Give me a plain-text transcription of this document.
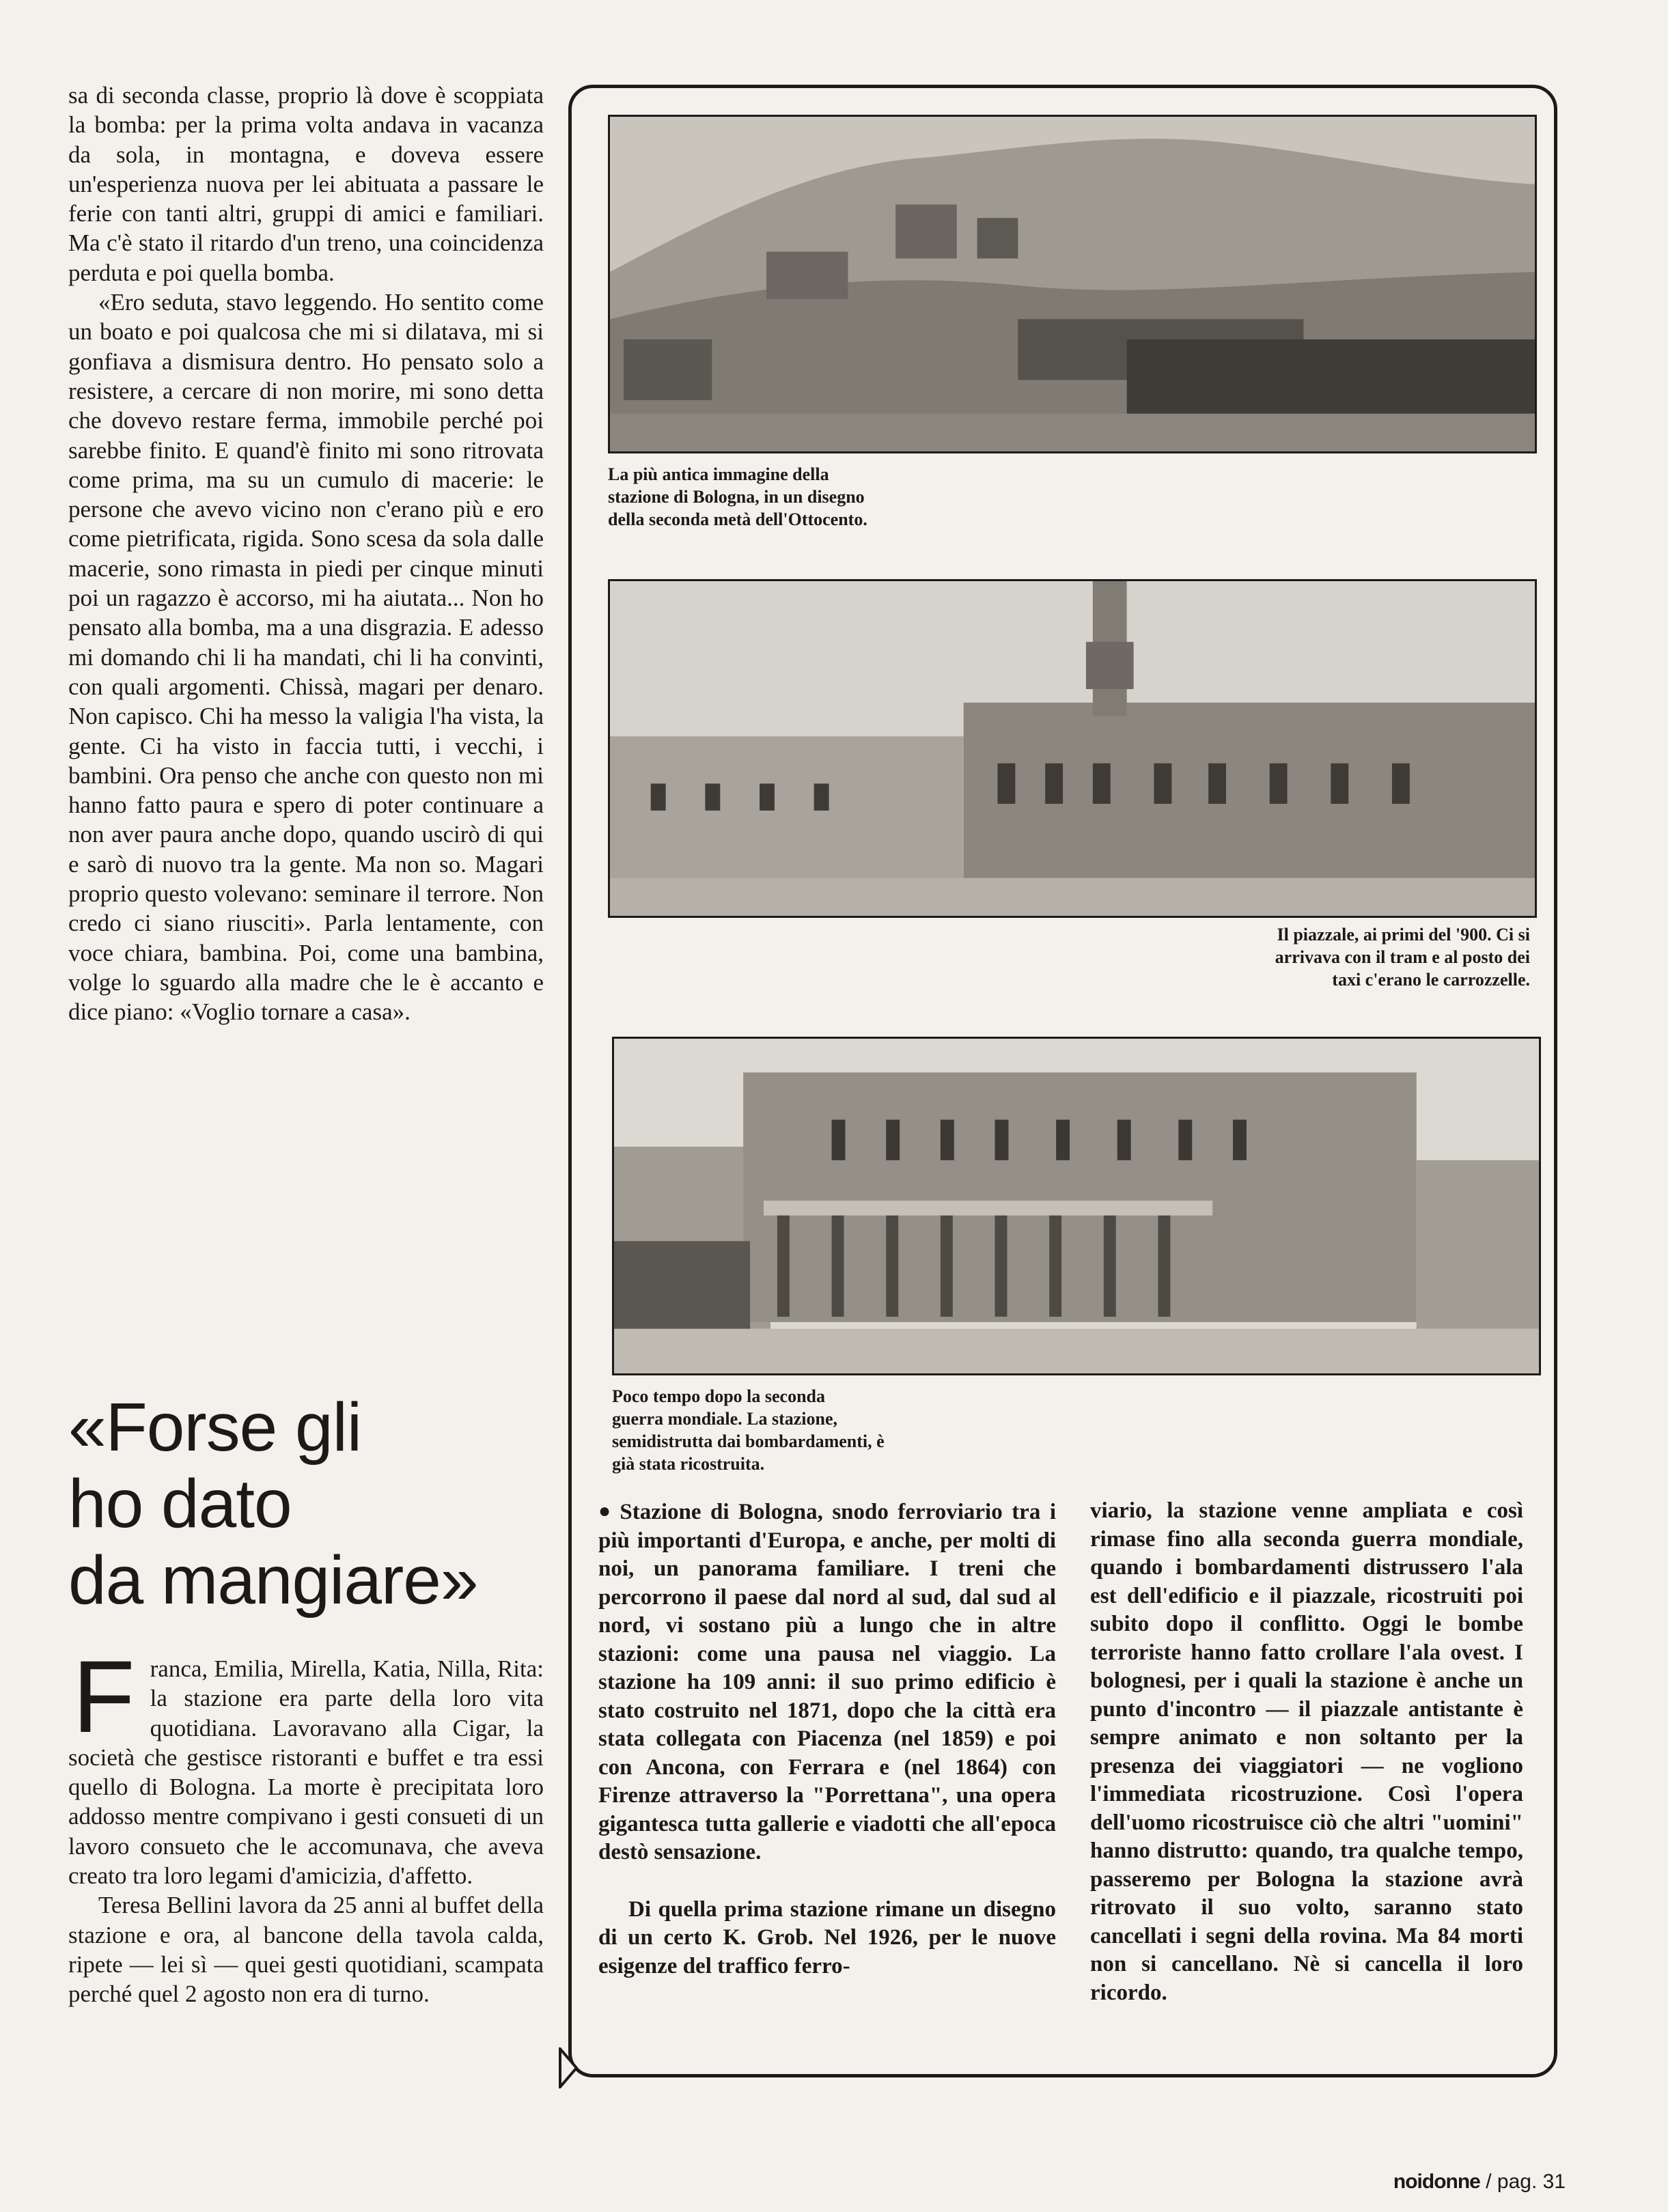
sa di seconda classe, proprio là dove è scoppiata la bomba: per la prima volta andava in vacanza da sola, in montagna, e doveva essere un'esperienza nuova per lei abituata a passare le ferie con tanti altri, gruppi di amici e familiari. Ma c'è stato il ritardo d'un treno, una coincidenza perduta e poi quella bomba.

«Ero seduta, stavo leggendo. Ho sentito come un boato e poi qualcosa che mi si dilatava, mi si gonfiava a dismisura dentro. Ho pensato solo a resistere, a cercare di non morire, mi sono detta che dovevo restare ferma, immobile perché poi sarebbe finito. E quand'è finito mi sono ritrovata come prima, ma su un cumulo di macerie: le persone che avevo vicino non c'erano più e ero come pietrificata, rigida. Sono scesa da sola dalle macerie, sono rimasta in piedi per cinque minuti poi un ragazzo è accorso, mi ha aiutata... Non ho pensato alla bomba, ma a una disgrazia. E adesso mi domando chi li ha mandati, chi li ha convinti, con quali argomenti. Chissà, magari per denaro. Non capisco. Chi ha messo la valigia l'ha vista, la gente. Ci ha visto in faccia tutti, i vecchi, i bambini. Ora penso che anche con questo non mi hanno fatto paura e spero di poter continuare a non aver paura anche dopo, quando uscirò di qui e sarò di nuovo tra la gente. Ma non so. Magari proprio questo volevano: seminare il terrore. Non credo ci siano riusciti». Parla lentamente, con voce chiara, bambina. Poi, come una bambina, volge lo sguardo alla madre che le è accanto e dice piano: «Voglio tornare a casa».

«Forse gli
ho dato
da mangiare»

Franca, Emilia, Mirella, Katia, Nilla, Rita: la stazione era parte della loro vita quotidiana. Lavoravano alla Cigar, la società che gestisce ristoranti e buffet e tra essi quello di Bologna. La morte è precipitata loro addosso mentre compivano i gesti consueti di un lavoro consueto che le accomunava, che aveva creato tra loro legami d'amicizia, d'affetto.

Teresa Bellini lavora da 25 anni al buffet della stazione e ora, al bancone della tavola calda, ripete — lei sì — quei gesti quotidiani, scampata perché quel 2 agosto non era di turno.

La più antica immagine della

stazione di Bologna, in un disegno

della seconda metà dell'Ottocento.

Il piazzale, ai primi del '900. Ci si

arrivava con il tram e al posto dei

taxi c'erano le carrozzelle.

Poco tempo dopo la seconda

guerra mondiale. La stazione,

semidistrutta dai bombardamenti, è

già stata ricostruita.

● Stazione di Bologna, snodo ferroviario tra i più importanti d'Europa, e anche, per molti di noi, un panorama familiare. I treni che percorrono il paese dal nord al sud, dal sud al nord, vi sostano più a lungo che in altre stazioni: come una pausa nel viaggio. La stazione ha 109 anni: il suo primo edificio è stato costruito nel 1871, dopo che la città era stata collegata con Piacenza (nel 1859) e poi con Ancona, con Ferrara e (nel 1864) con Firenze attraverso la "Porrettana", una opera gigantesca tutta gallerie e viadotti che all'epoca destò sensazione.

Di quella prima stazione rimane un disegno di un certo K. Grob. Nel 1926, per le nuove esigenze del traffico ferro-

viario, la stazione venne ampliata e così rimase fino alla seconda guerra mondiale, quando i bombardamenti distrussero l'ala est dell'edificio e il piazzale, ricostruiti poi subito dopo il conflitto. Oggi le bombe terroriste hanno fatto crollare l'ala ovest. I bolognesi, per i quali la stazione è anche un punto d'incontro — il piazzale antistante è sempre animato e non soltanto per la presenza dei viaggiatori — ne vogliono l'immediata ricostruzione. Così l'opera dell'uomo ricostruisce ciò che altri "uomini" hanno distrutto: quando, tra qualche tempo, passeremo per Bologna la stazione avrà ritrovato il suo volto, saranno stato cancellati i segni della rovina. Ma 84 morti non si cancellano. Nè si cancella il loro ricordo.

noidonne / pag. 31
